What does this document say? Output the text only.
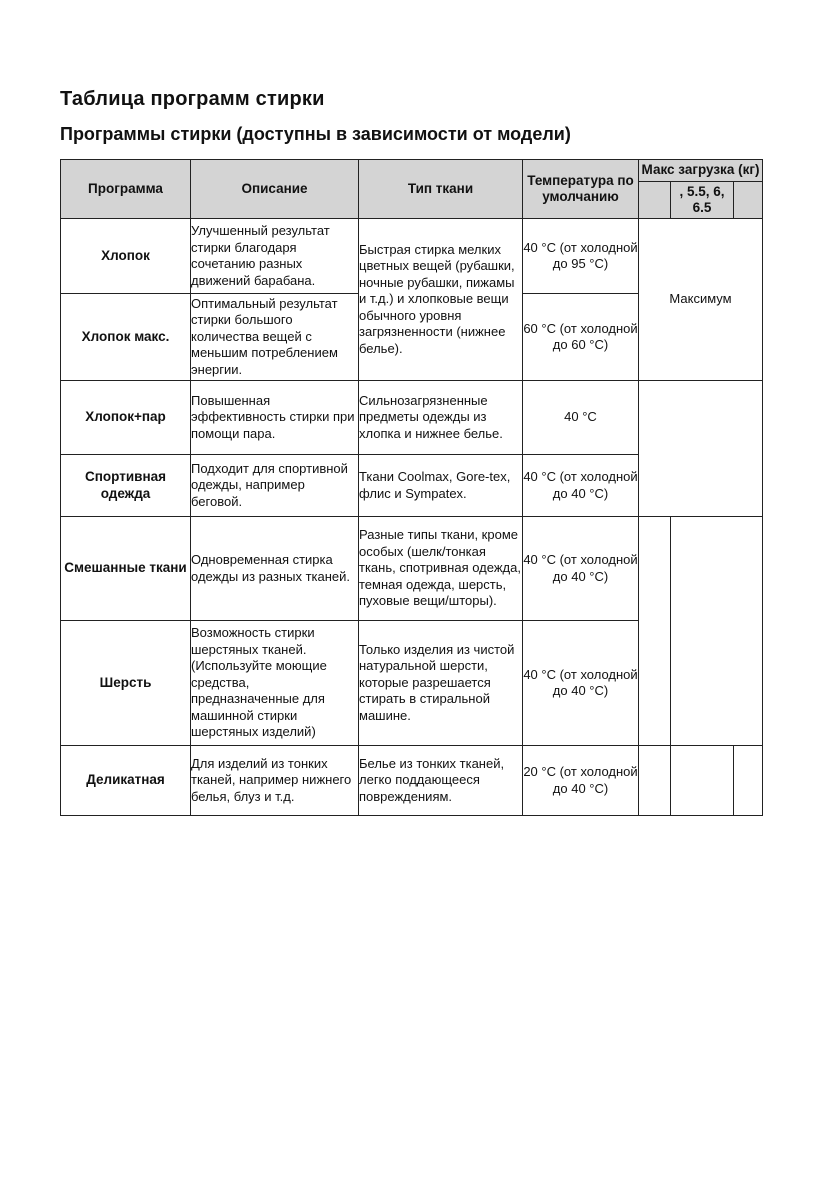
Таблица программ стирки
Программы стирки (доступны в зависимости от модели)
Программа	Описание	Тип ткани	Температура по умолчанию	Макс загрузка (кг)		
					, 5.5, 6, 6.5	
Хлопок	Улучшенный результат стирки благодаря сочетанию разных движений барабана.	Быстрая стирка мелких цветных вещей (рубашки, ночные рубашки, пижамы и т.д.) и хлопковые вещи обычного уровня загрязненности (нижнее белье).	40 °C (от холодной до 95 °C)	Максимум		
Хлопок макс.	Оптимальный результат стирки большого количества вещей с меньшим потреблением энергии.		60 °C (от холодной до 60 °C)			
Хлопок+пар	Повышенная эффективность стирки при помощи пара.	Сильнозагрязненные предметы одежды из хлопка и нижнее белье.	40 °C			
Спортивная одежда	Подходит для спортивной одежды, например беговой.	Ткани Coolmax, Gore-tex, флис и Sympatex.	40 °C (от холодной до 40 °C)			
Смешанные ткани	Одновременная стирка одежды из разных тканей.	Разные типы ткани, кроме особых (шелк/тонкая ткань, спотривная одежда, темная одежда, шерсть, пуховые вещи/шторы).	40 °C (от холодной до 40 °C)			
Шерсть	Возможность стирки шерстяных тканей. (Используйте моющие средства, предназначенные для машинной стирки шерстяных изделий)	Только изделия из чистой натуральной шерсти, которые разрешается стирать в стиральной машине.	40 °C (от холодной до 40 °C)			
Деликатная	Для изделий из тонких тканей, например нижнего белья, блуз и т.д.	Белье из тонких тканей, легко поддающееся повреждениям.	20 °C (от холодной до 40 °C)			
